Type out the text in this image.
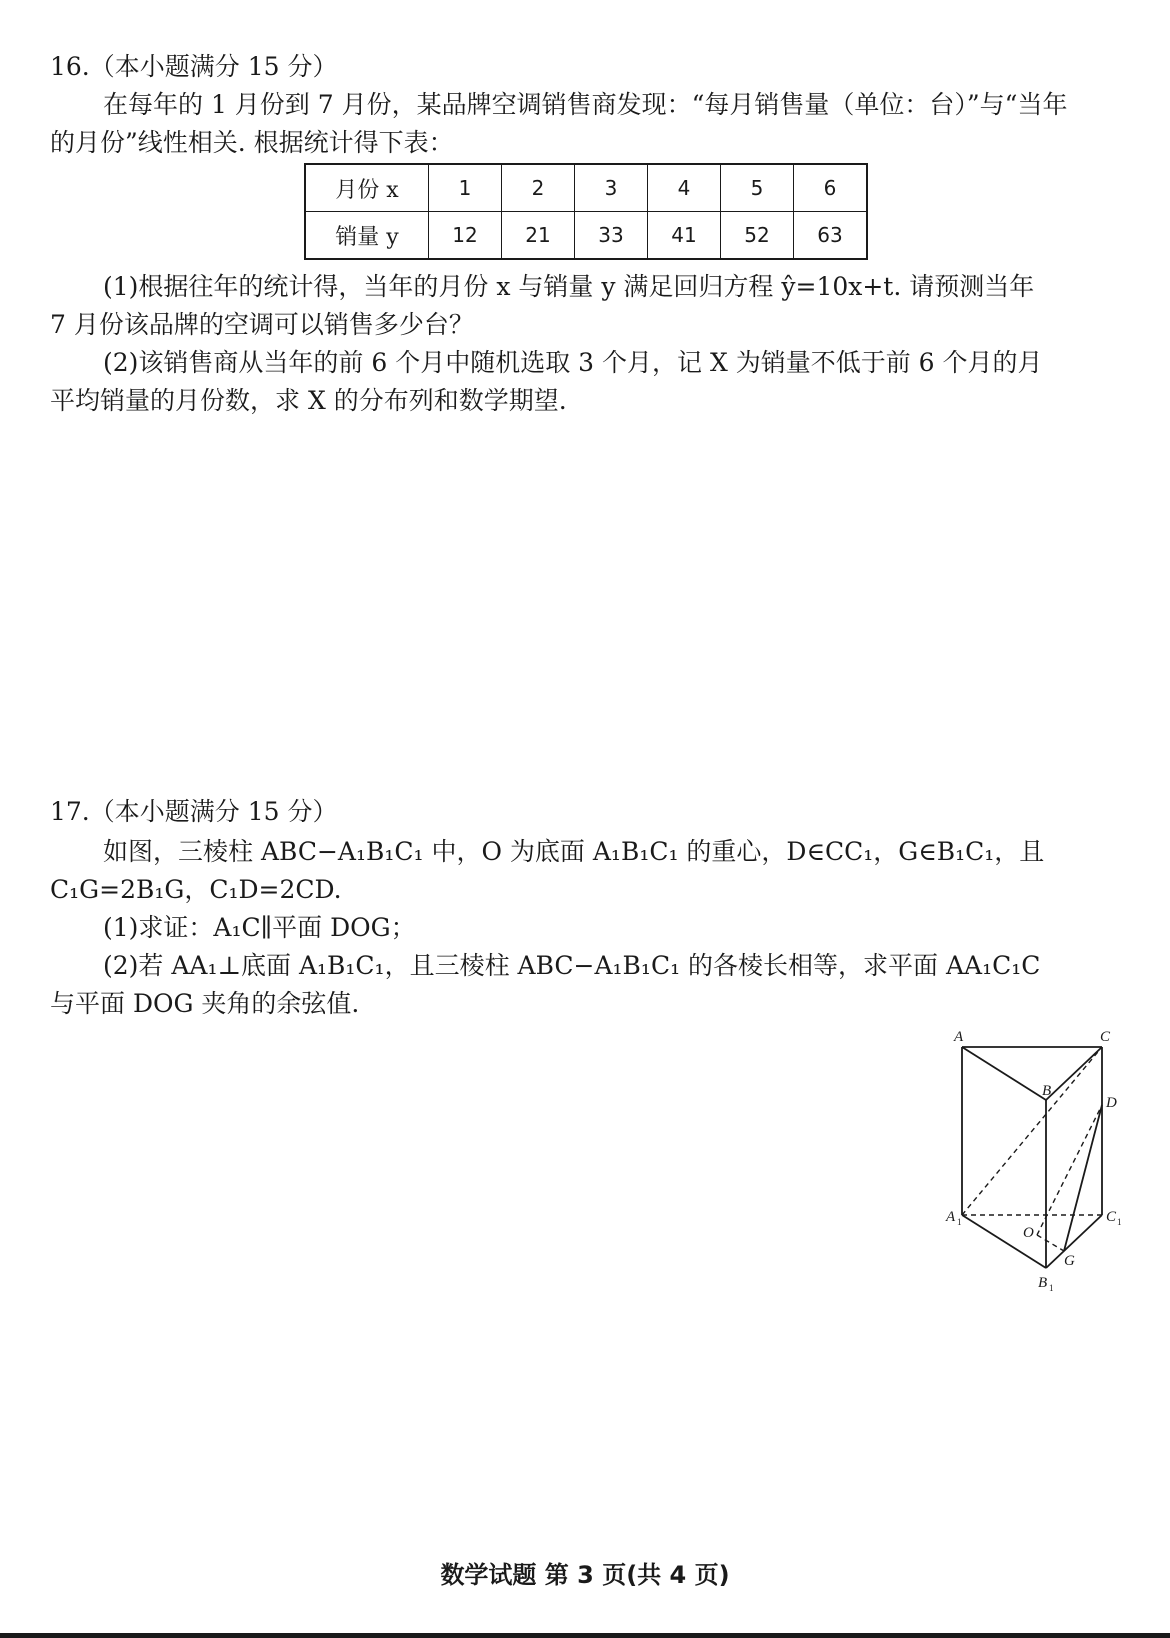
16.（本小题满分 15 分）
在每年的 1 月份到 7 月份，某品牌空调销售商发现：“每月销售量（单位：台）”与“当年
的月份”线性相关. 根据统计得下表：
月份 x	1	2	3	4	5	6
销量 y	12	21	33	41	52	63
(1)根据往年的统计得，当年的月份 x 与销量 y 满足回归方程 ŷ=10x+t. 请预测当年
7 月份该品牌的空调可以销售多少台？
(2)该销售商从当年的前 6 个月中随机选取 3 个月，记 X 为销量不低于前 6 个月的月
平均销量的月份数，求 X 的分布列和数学期望.
17.（本小题满分 15 分）
如图，三棱柱 ABC−A₁B₁C₁ 中，O 为底面 A₁B₁C₁ 的重心，D∈CC₁，G∈B₁C₁，且
C₁G=2B₁G，C₁D=2CD.
(1)求证：A₁C∥平面 DOG；
(2)若 AA₁⊥底面 A₁B₁C₁，且三棱柱 ABC−A₁B₁C₁ 的各棱长相等，求平面 AA₁C₁C
与平面 DOG 夹角的余弦值.
A	C
B
D
A	C
O
G
B
1	1
1
数学试题 第 3 页(共 4 页)
